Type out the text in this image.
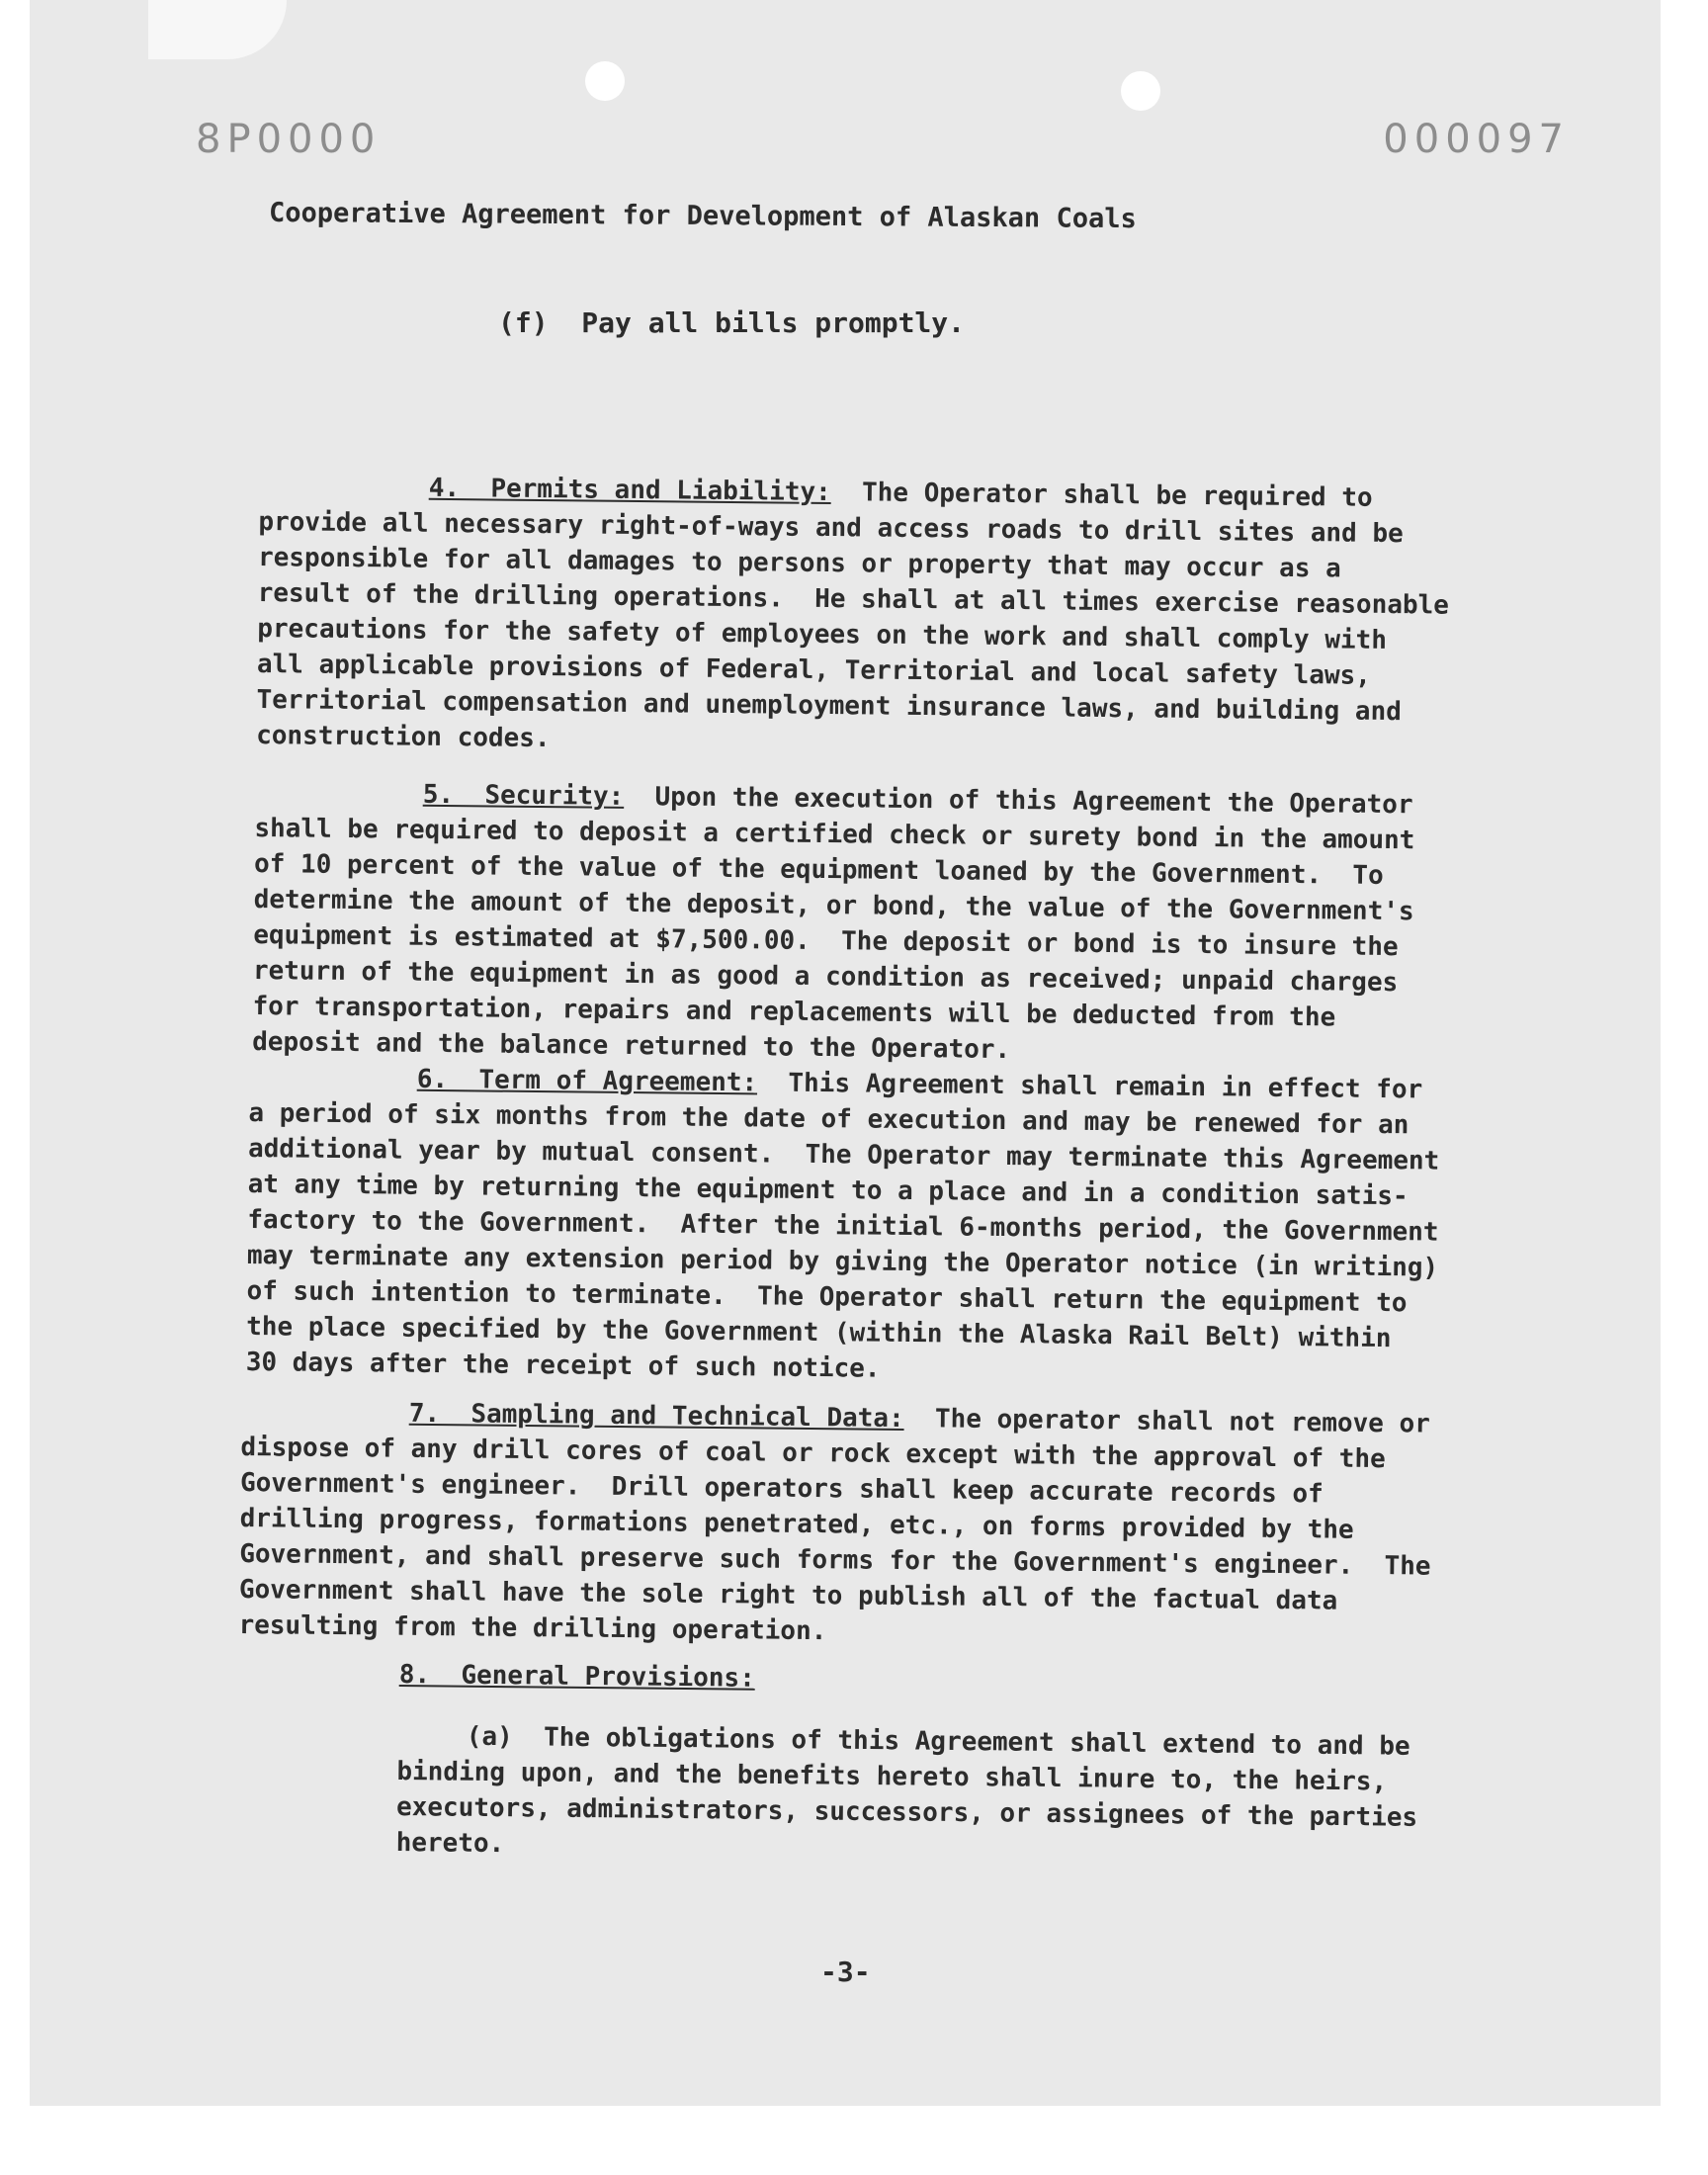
8P0000	000097
Cooperative Agreement for Development of Alaskan Coals
(f)  Pay all bills promptly.

4.  Permits and Liability:  The Operator shall be required to

provide all necessary right-of-ways and access roads to drill sites and be

responsible for all damages to persons or property that may occur as a

result of the drilling operations.  He shall at all times exercise reasonable

precautions for the safety of employees on the work and shall comply with

all applicable provisions of Federal, Territorial and local safety laws,

Territorial compensation and unemployment insurance laws, and building and

construction codes.

5.  Security:  Upon the execution of this Agreement the Operator

shall be required to deposit a certified check or surety bond in the amount

of 10 percent of the value of the equipment loaned by the Government.  To

determine the amount of the deposit, or bond, the value of the Government's

equipment is estimated at $7,500.00.  The deposit or bond is to insure the

return of the equipment in as good a condition as received; unpaid charges

for transportation, repairs and replacements will be deducted from the

deposit and the balance returned to the Operator.

6.  Term of Agreement:  This Agreement shall remain in effect for

a period of six months from the date of execution and may be renewed for an

additional year by mutual consent.  The Operator may terminate this Agreement

at any time by returning the equipment to a place and in a condition satis-

factory to the Government.  After the initial 6-months period, the Government

may terminate any extension period by giving the Operator notice (in writing)

of such intention to terminate.  The Operator shall return the equipment to

the place specified by the Government (within the Alaska Rail Belt) within

30 days after the receipt of such notice.

7.  Sampling and Technical Data:  The operator shall not remove or

dispose of any drill cores of coal or rock except with the approval of the

Government's engineer.  Drill operators shall keep accurate records of

drilling progress, formations penetrated, etc., on forms provided by the

Government, and shall preserve such forms for the Government's engineer.  The

Government shall have the sole right to publish all of the factual data

resulting from the drilling operation.

8.  General Provisions:

(a)  The obligations of this Agreement shall extend to and be

binding upon, and the benefits hereto shall inure to, the heirs,

executors, administrators, successors, or assignees of the parties

hereto.

-3-
